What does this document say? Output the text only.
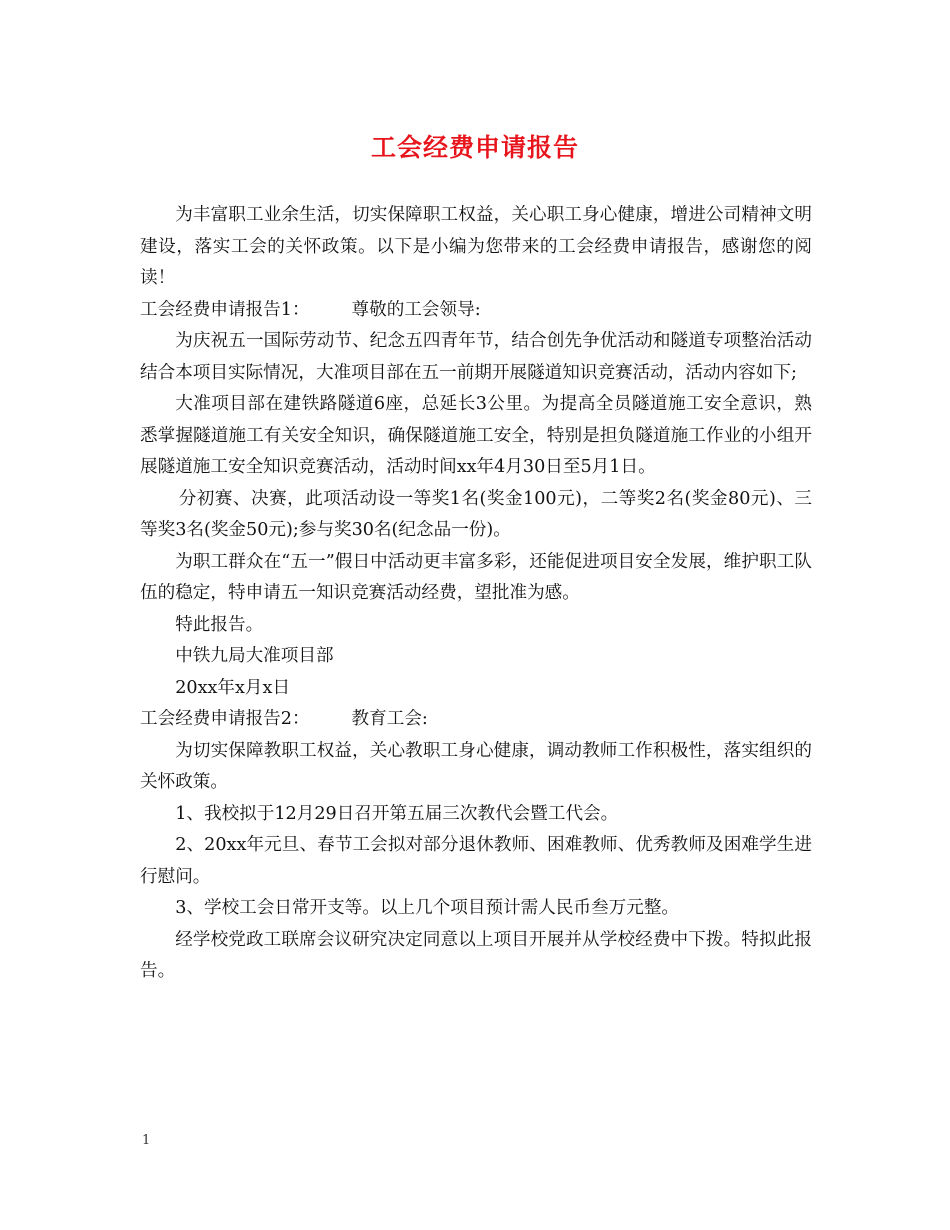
工会经费申请报告

为丰富职工业余生活，切实保障职工权益，关心职工身心健康，增进公司精神文明建设，落实工会的关怀政策。以下是小编为您带来的工会经费申请报告，感谢您的阅读！

工会经费申请报告1： 尊敬的工会领导:

为庆祝五一国际劳动节、纪念五四青年节，结合创先争优活动和隧道专项整治活动结合本项目实际情况，大准项目部在五一前期开展隧道知识竞赛活动，活动内容如下;

大准项目部在建铁路隧道6座，总延长3公里。为提高全员隧道施工安全意识，熟悉掌握隧道施工有关安全知识，确保隧道施工安全，特别是担负隧道施工作业的小组开展隧道施工安全知识竞赛活动，活动时间xx年4月30日至5月1日。

分初赛、决赛，此项活动设一等奖1名(奖金100元)，二等奖2名(奖金80元)、三等奖3名(奖金50元);参与奖30名(纪念品一份)。

为职工群众在“五一”假日中活动更丰富多彩，还能促进项目安全发展，维护职工队伍的稳定，特申请五一知识竞赛活动经费，望批准为感。

特此报告。

中铁九局大准项目部

20xx年x月x日

工会经费申请报告2： 教育工会:

为切实保障教职工权益，关心教职工身心健康，调动教师工作积极性，落实组织的关怀政策。

1、我校拟于12月29日召开第五届三次教代会暨工代会。

2、20xx年元旦、春节工会拟对部分退休教师、困难教师、优秀教师及困难学生进行慰问。

3、学校工会日常开支等。以上几个项目预计需人民币叁万元整。

经学校党政工联席会议研究决定同意以上项目开展并从学校经费中下拨。特拟此报告。

1
